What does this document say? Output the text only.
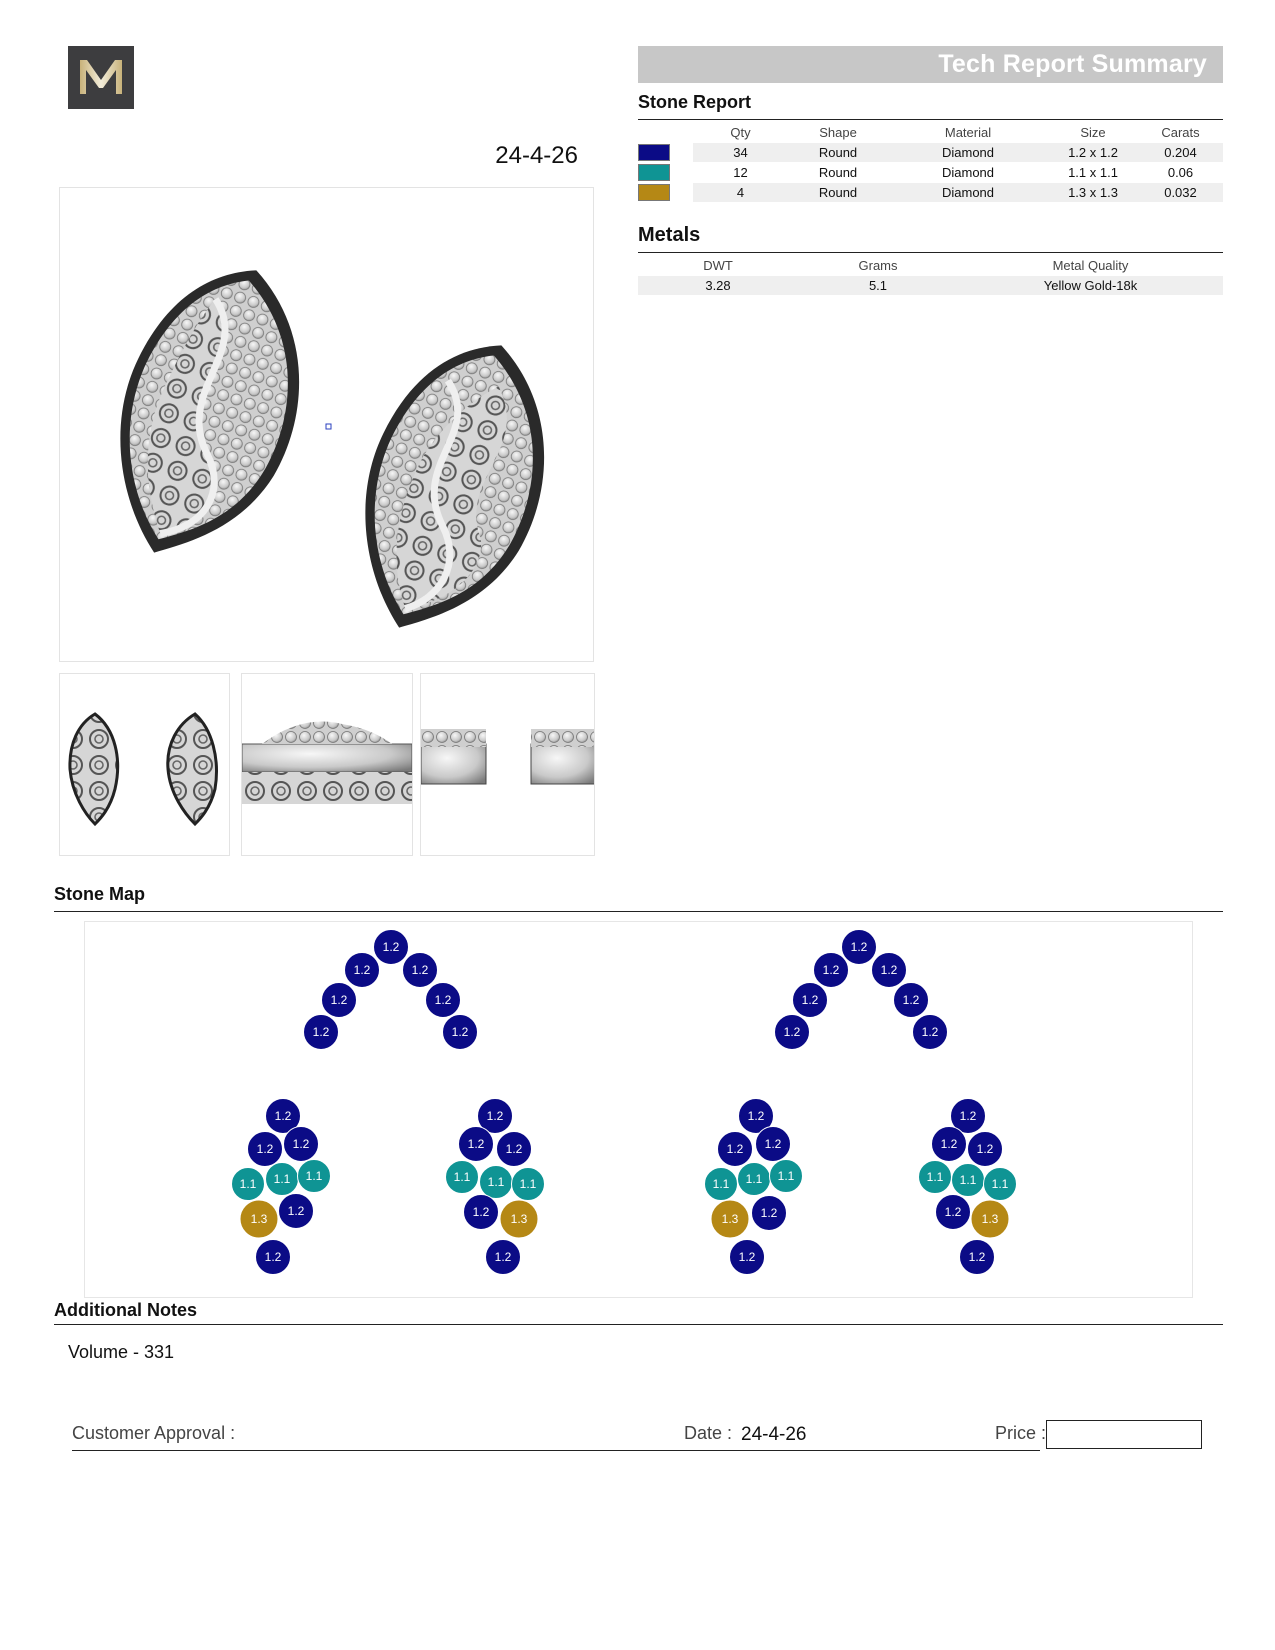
24-4-26
Tech Report Summary
Stone Report
	Qty	Shape	Material	Size	Carats
	34	Round	Diamond	1.2 x 1.2	0.204
	12	Round	Diamond	1.1 x 1.1	0.06
	4	Round	Diamond	1.3 x 1.3	0.032
Metals
DWT	Grams	Metal Quality
3.28	5.1	Yellow Gold-18k
Stone Map
1.2
1.2	1.2
1.2	1.2
1.2	1.2
1.2
1.2	1.2
1.2	1.2
1.2	1.2
1.2
1.2 1.2
1.1 1.1 1.1
1.3
1.2
1.2
1.2
1.2 1.2
1.1 1.1 1.1
1.2 1.3
1.2
1.2
1.2 1.2
1.1 1.1 1.1
1.3 1.2
1.2
1.2
1.2 1.2
1.1 1.1 1.1
1.2 1.3
1.2
Additional Notes
Volume - 331
Customer Approval :	Date : 24-4-26	Price :
